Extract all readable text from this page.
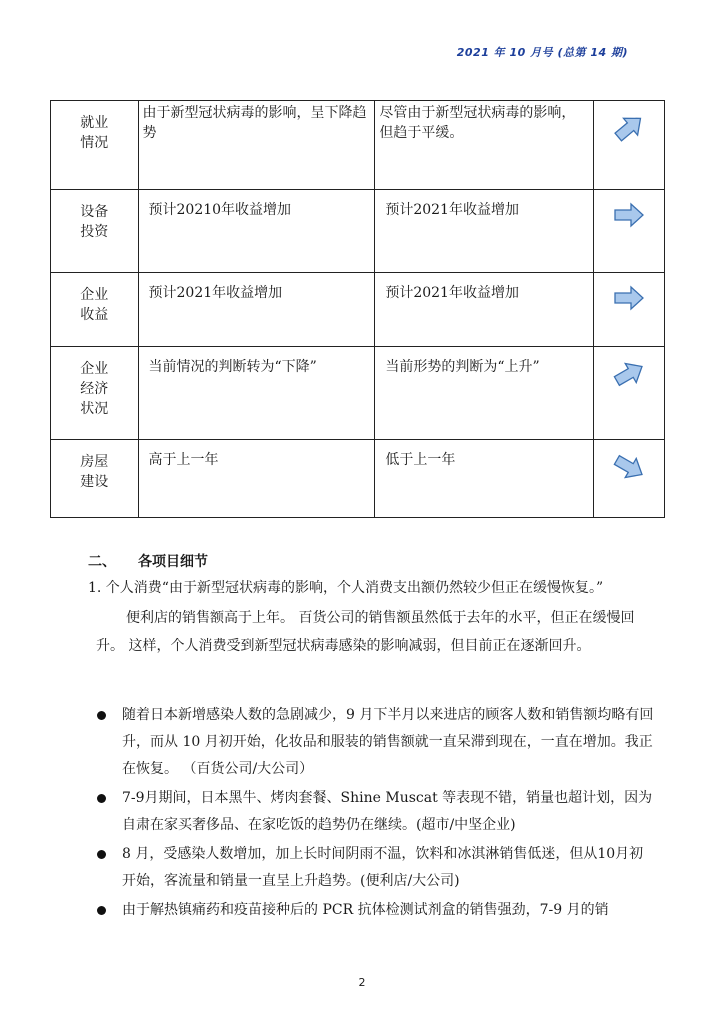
2021 年 10 月号 (总第 14 期)
就业
情况	由于新型冠状病毒的影响，呈下降趋势	尽管由于新型冠状病毒的影响，但趋于平缓。

设备
投资	预计20210年收益增加	预计2021年收益增加

企业
收益	预计2021年收益增加	预计2021年收益增加

企业
经济
状况	当前情况的判断转为“下降”	当前形势的判断为“上升”

房屋
建设	高于上一年	低于上一年

二、 各项目细节
1. 个人消费“由于新型冠状病毒的影响，个人消费支出额仍然较少但正在缓慢恢复。”
便利店的销售额高于上年。 百货公司的销售额虽然低于去年的水平，但正在缓慢回升。 这样，个人消费受到新型冠状病毒感染的影响减弱，但目前正在逐渐回升。
随着日本新增感染人数的急剧减少，9 月下半月以来进店的顾客人数和销售额均略有回升，而从 10 月初开始，化妆品和服装的销售额就一直呆滞到现在，一直在增加。我正在恢复。 （百货公司/大公司）
7-9月期间，日本黑牛、烤肉套餐、Shine Muscat 等表现不错，销量也超计划，因为自肃在家买奢侈品、在家吃饭的趋势仍在继续。(超市/中坚企业)
8 月，受感染人数增加，加上长时间阴雨不温，饮料和冰淇淋销售低迷，但从10月初开始，客流量和销量一直呈上升趋势。(便利店/大公司)
由于解热镇痛药和疫苗接种后的 PCR 抗体检测试剂盒的销售强劲，7-9 月的销
2
